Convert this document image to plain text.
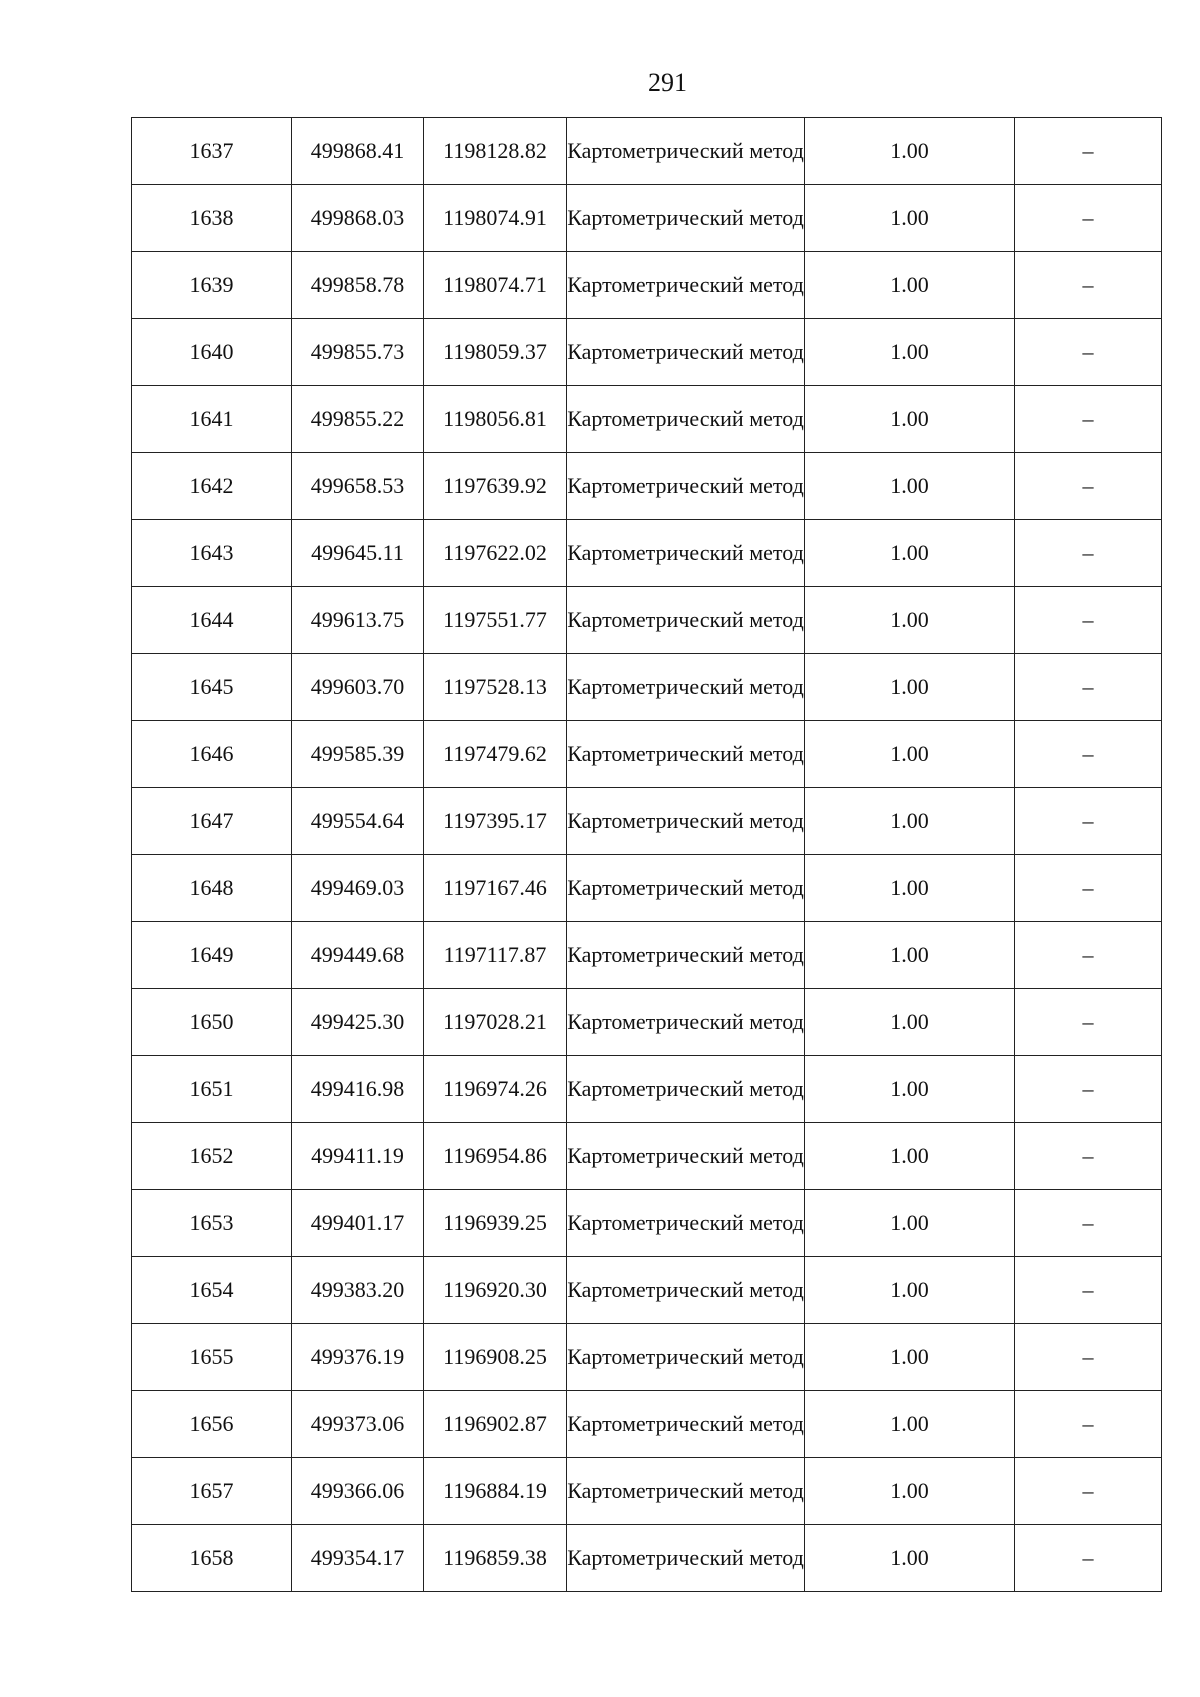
291
1637	499868.41	1198128.82	Картометрический метод	1.00	–
1638	499868.03	1198074.91	Картометрический метод	1.00	–
1639	499858.78	1198074.71	Картометрический метод	1.00	–
1640	499855.73	1198059.37	Картометрический метод	1.00	–
1641	499855.22	1198056.81	Картометрический метод	1.00	–
1642	499658.53	1197639.92	Картометрический метод	1.00	–
1643	499645.11	1197622.02	Картометрический метод	1.00	–
1644	499613.75	1197551.77	Картометрический метод	1.00	–
1645	499603.70	1197528.13	Картометрический метод	1.00	–
1646	499585.39	1197479.62	Картометрический метод	1.00	–
1647	499554.64	1197395.17	Картометрический метод	1.00	–
1648	499469.03	1197167.46	Картометрический метод	1.00	–
1649	499449.68	1197117.87	Картометрический метод	1.00	–
1650	499425.30	1197028.21	Картометрический метод	1.00	–
1651	499416.98	1196974.26	Картометрический метод	1.00	–
1652	499411.19	1196954.86	Картометрический метод	1.00	–
1653	499401.17	1196939.25	Картометрический метод	1.00	–
1654	499383.20	1196920.30	Картометрический метод	1.00	–
1655	499376.19	1196908.25	Картометрический метод	1.00	–
1656	499373.06	1196902.87	Картометрический метод	1.00	–
1657	499366.06	1196884.19	Картометрический метод	1.00	–
1658	499354.17	1196859.38	Картометрический метод	1.00	–
